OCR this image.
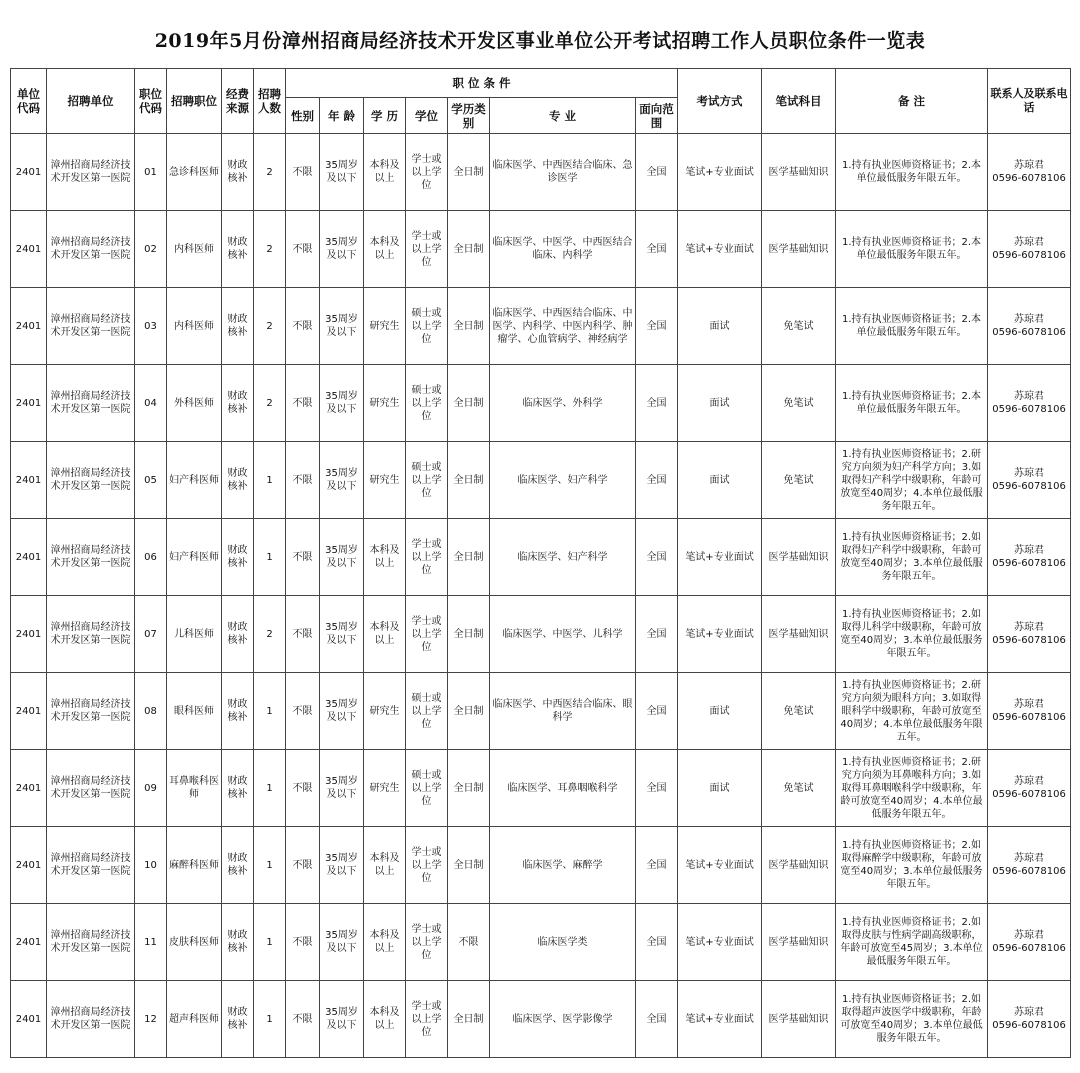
2019年5月份漳州招商局经济技术开发区事业单位公开考试招聘工作人员职位条件一览表
单位代码	招聘单位	职位代码	招聘职位	经费来源	招聘人数	职 位 条 件							考试方式	笔试科目	备 注	联系人及联系电话
						性别	年 龄	学 历	学位	学历类别	专 业	面向范围				
2401	漳州招商局经济技术开发区第一医院	01	急诊科医师	财政核补	2	不限	35周岁及以下	本科及以上	学士或以上学位	全日制	临床医学、中西医结合临床、急诊医学	全国	笔试+专业面试	医学基础知识	1.持有执业医师资格证书；2.本单位最低服务年限五年。	苏琼君
0596-6078106

2401	漳州招商局经济技术开发区第一医院	02	内科医师	财政核补	2	不限	35周岁及以下	本科及以上	学士或以上学位	全日制	临床医学、中医学、中西医结合临床、内科学	全国	笔试+专业面试	医学基础知识	1.持有执业医师资格证书；2.本单位最低服务年限五年。	苏琼君
0596-6078106

2401	漳州招商局经济技术开发区第一医院	03	内科医师	财政核补	2	不限	35周岁及以下	研究生	硕士或以上学位	全日制	临床医学、中西医结合临床、中医学、内科学、中医内科学、肿瘤学、心血管病学、神经病学	全国	面试	免笔试	1.持有执业医师资格证书；2.本单位最低服务年限五年。	苏琼君
0596-6078106

2401	漳州招商局经济技术开发区第一医院	04	外科医师	财政核补	2	不限	35周岁及以下	研究生	硕士或以上学位	全日制	临床医学、外科学	全国	面试	免笔试	1.持有执业医师资格证书；2.本单位最低服务年限五年。	苏琼君
0596-6078106

2401	漳州招商局经济技术开发区第一医院	05	妇产科医师	财政核补	1	不限	35周岁及以下	研究生	硕士或以上学位	全日制	临床医学、妇产科学	全国	面试	免笔试	1.持有执业医师资格证书；2.研究方向须为妇产科学方向；3.如取得妇产科学中级职称，年龄可放宽至40周岁；4.本单位最低服务年限五年。	苏琼君
0596-6078106

2401	漳州招商局经济技术开发区第一医院	06	妇产科医师	财政核补	1	不限	35周岁及以下	本科及以上	学士或以上学位	全日制	临床医学、妇产科学	全国	笔试+专业面试	医学基础知识	1.持有执业医师资格证书；2.如取得妇产科学中级职称，年龄可放宽至40周岁；3.本单位最低服务年限五年。	苏琼君
0596-6078106

2401	漳州招商局经济技术开发区第一医院	07	儿科医师	财政核补	2	不限	35周岁及以下	本科及以上	学士或以上学位	全日制	临床医学、中医学、儿科学	全国	笔试+专业面试	医学基础知识	1.持有执业医师资格证书；2.如取得儿科学中级职称，年龄可放宽至40周岁；3.本单位最低服务年限五年。	苏琼君
0596-6078106

2401	漳州招商局经济技术开发区第一医院	08	眼科医师	财政核补	1	不限	35周岁及以下	研究生	硕士或以上学位	全日制	临床医学、中西医结合临床、眼科学	全国	面试	免笔试	1.持有执业医师资格证书；2.研究方向须为眼科方向；3.如取得眼科学中级职称，年龄可放宽至40周岁；4.本单位最低服务年限五年。	苏琼君
0596-6078106

2401	漳州招商局经济技术开发区第一医院	09	耳鼻喉科医师	财政核补	1	不限	35周岁及以下	研究生	硕士或以上学位	全日制	临床医学、耳鼻咽喉科学	全国	面试	免笔试	1.持有执业医师资格证书；2.研究方向须为耳鼻喉科方向；3.如取得耳鼻咽喉科学中级职称，年龄可放宽至40周岁；4.本单位最低服务年限五年。	苏琼君
0596-6078106

2401	漳州招商局经济技术开发区第一医院	10	麻醉科医师	财政核补	1	不限	35周岁及以下	本科及以上	学士或以上学位	全日制	临床医学、麻醉学	全国	笔试+专业面试	医学基础知识	1.持有执业医师资格证书；2.如取得麻醉学中级职称，年龄可放宽至40周岁；3.本单位最低服务年限五年。	苏琼君
0596-6078106

2401	漳州招商局经济技术开发区第一医院	11	皮肤科医师	财政核补	1	不限	35周岁及以下	本科及以上	学士或以上学位	不限	临床医学类	全国	笔试+专业面试	医学基础知识	1.持有执业医师资格证书；2.如取得皮肤与性病学副高级职称，年龄可放宽至45周岁；3.本单位最低服务年限五年。	苏琼君
0596-6078106

2401	漳州招商局经济技术开发区第一医院	12	超声科医师	财政核补	1	不限	35周岁及以下	本科及以上	学士或以上学位	全日制	临床医学、医学影像学	全国	笔试+专业面试	医学基础知识	1.持有执业医师资格证书；2.如取得超声波医学中级职称，年龄可放宽至40周岁；3.本单位最低服务年限五年。	苏琼君
0596-6078106
